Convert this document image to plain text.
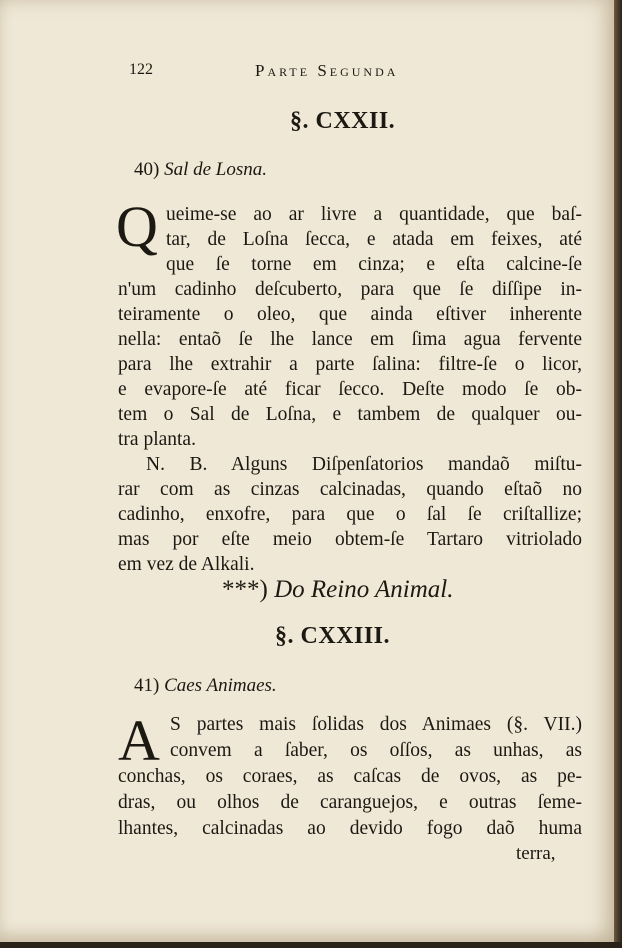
122	Parte Segunda
§. CXXII.
40) Sal de Losna.
Q ueime-se ao ar livre a quantidade, que baſ-
tar, de Loſna ſecca, e atada em feixes, até
que ſe torne em cinza; e eſta calcine-ſe
n'um cadinho deſcuberto, para que ſe diſſipe in-
teiramente o oleo, que ainda eſtiver inherente
nella: entaõ ſe lhe lance em ſima agua fervente
para lhe extrahir a parte ſalina: filtre-ſe o licor,
e evapore-ſe até ficar ſecco. Deſte modo ſe ob-
tem o Sal de Loſna, e tambem de qualquer ou-
tra planta.
N. B. Alguns Diſpenſatorios mandaõ miſtu-
rar com as cinzas calcinadas, quando eſtaõ no
cadinho, enxofre, para que o ſal ſe criſtallize;
mas por eſte meio obtem-ſe Tartaro vitriolado
em vez de Alkali.
***) Do Reino Animal.
§. CXXIII.
41) Caes Animaes.
A S partes mais ſolidas dos Animaes (§. VII.)
convem a ſaber, os oſſos, as unhas, as
conchas, os coraes, as caſcas de ovos, as pe-
dras, ou olhos de caranguejos, e outras ſeme-
lhantes, calcinadas ao devido fogo daõ huma
terra,
